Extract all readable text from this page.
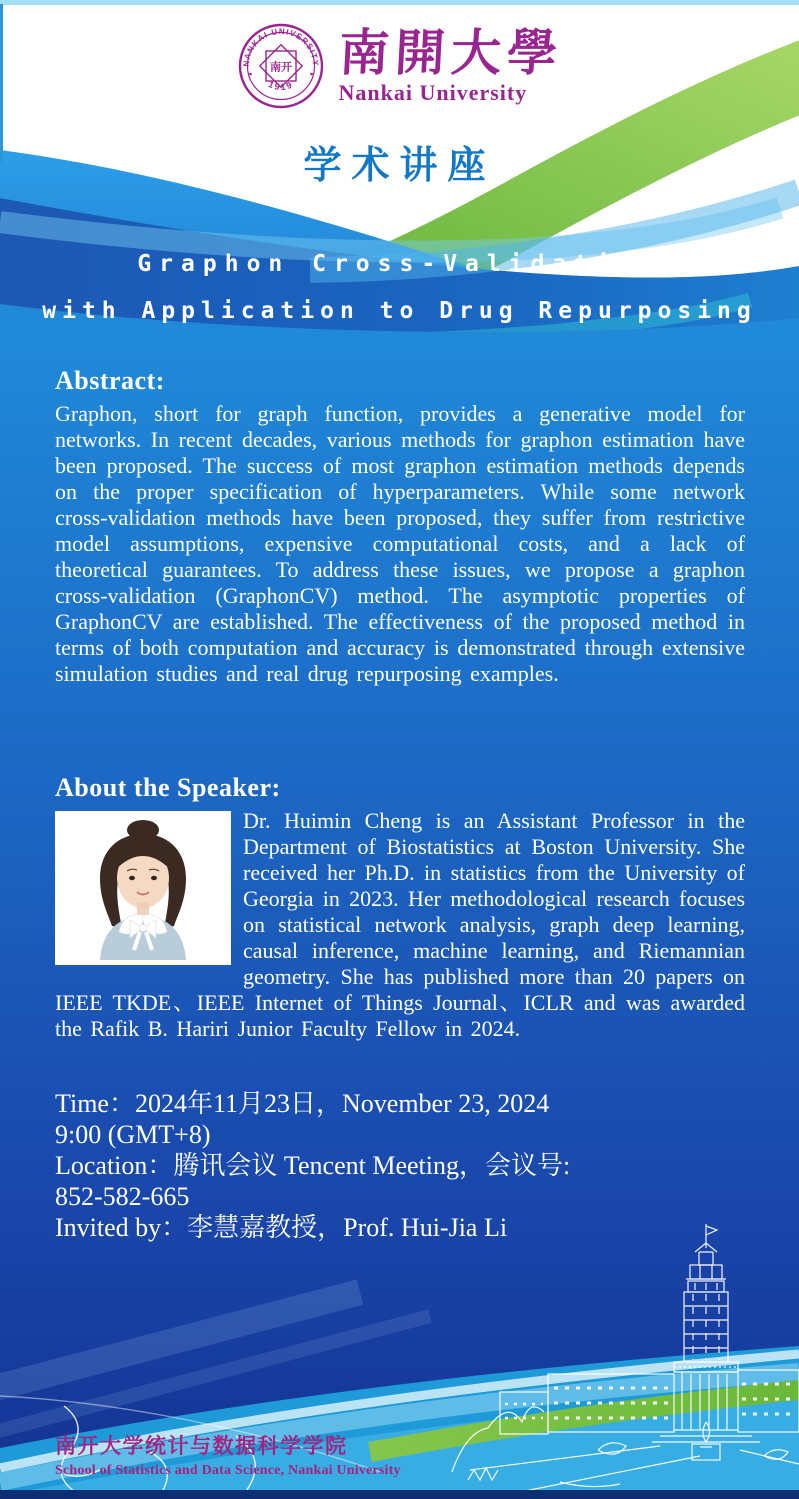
NANKAI UNIVERSITY
1919
南开 南開大學
Nankai University
学术讲座
Graphon Cross-Validation
with Application to Drug Repurposing
Abstract:

Graphon, short for graph function, provides a generative model for networks. In recent decades, various methods for graphon estimation have been proposed. The success of most graphon estimation methods depends on the proper specification of hyperparameters. While some network cross-validation methods have been proposed, they suffer from restrictive model assumptions, expensive computational costs, and a lack of theoretical guarantees. To address these issues, we propose a graphon cross-validation (GraphonCV) method. The asymptotic properties of GraphonCV are established. The effectiveness of the proposed method in terms of both computation and accuracy is demonstrated through extensive simulation studies and real drug repurposing examples.

About the Speaker:

Dr. Huimin Cheng is an Assistant Professor in the Department of Biostatistics at Boston University. She received her Ph.D. in statistics from the University of Georgia in 2023. Her methodological research focuses on statistical network analysis, graph deep learning, causal inference, machine learning, and Riemannian geometry. She has published more than 20 papers on IEEE TKDE、IEEE Internet of Things Journal、ICLR and was awarded the Rafik B. Hariri Junior Faculty Fellow in 2024.

Time：2024年11月23日，November 23, 2024
9:00 (GMT+8)
Location：腾讯会议 Tencent Meeting，会议号:
852-582-665
Invited by：李慧嘉教授，Prof. Hui-Jia Li
南开大学统计与数据科学学院
School of Statistics and Data Science, Nankai University
